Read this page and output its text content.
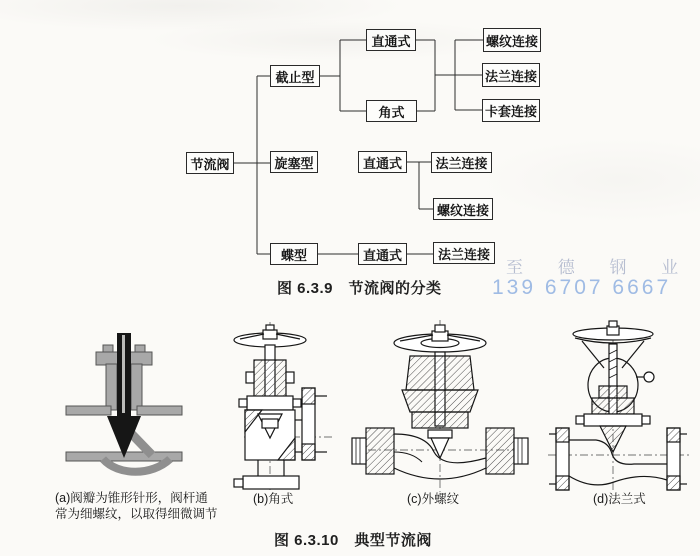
节流阀
截止型
旋塞型
蝶型
直通式
角式
直通式
直通式
螺纹连接
法兰连接
卡套连接
法兰连接
螺纹连接
法兰连接
图 6.3.9　节流阀的分类
至 德 钢 业
139 6707 6667
(a)阀瓣为锥形针形，阀杆通
常为细螺纹，以取得细微调节
(b)角式	(c)外螺纹	(d)法兰式
图 6.3.10　典型节流阀
